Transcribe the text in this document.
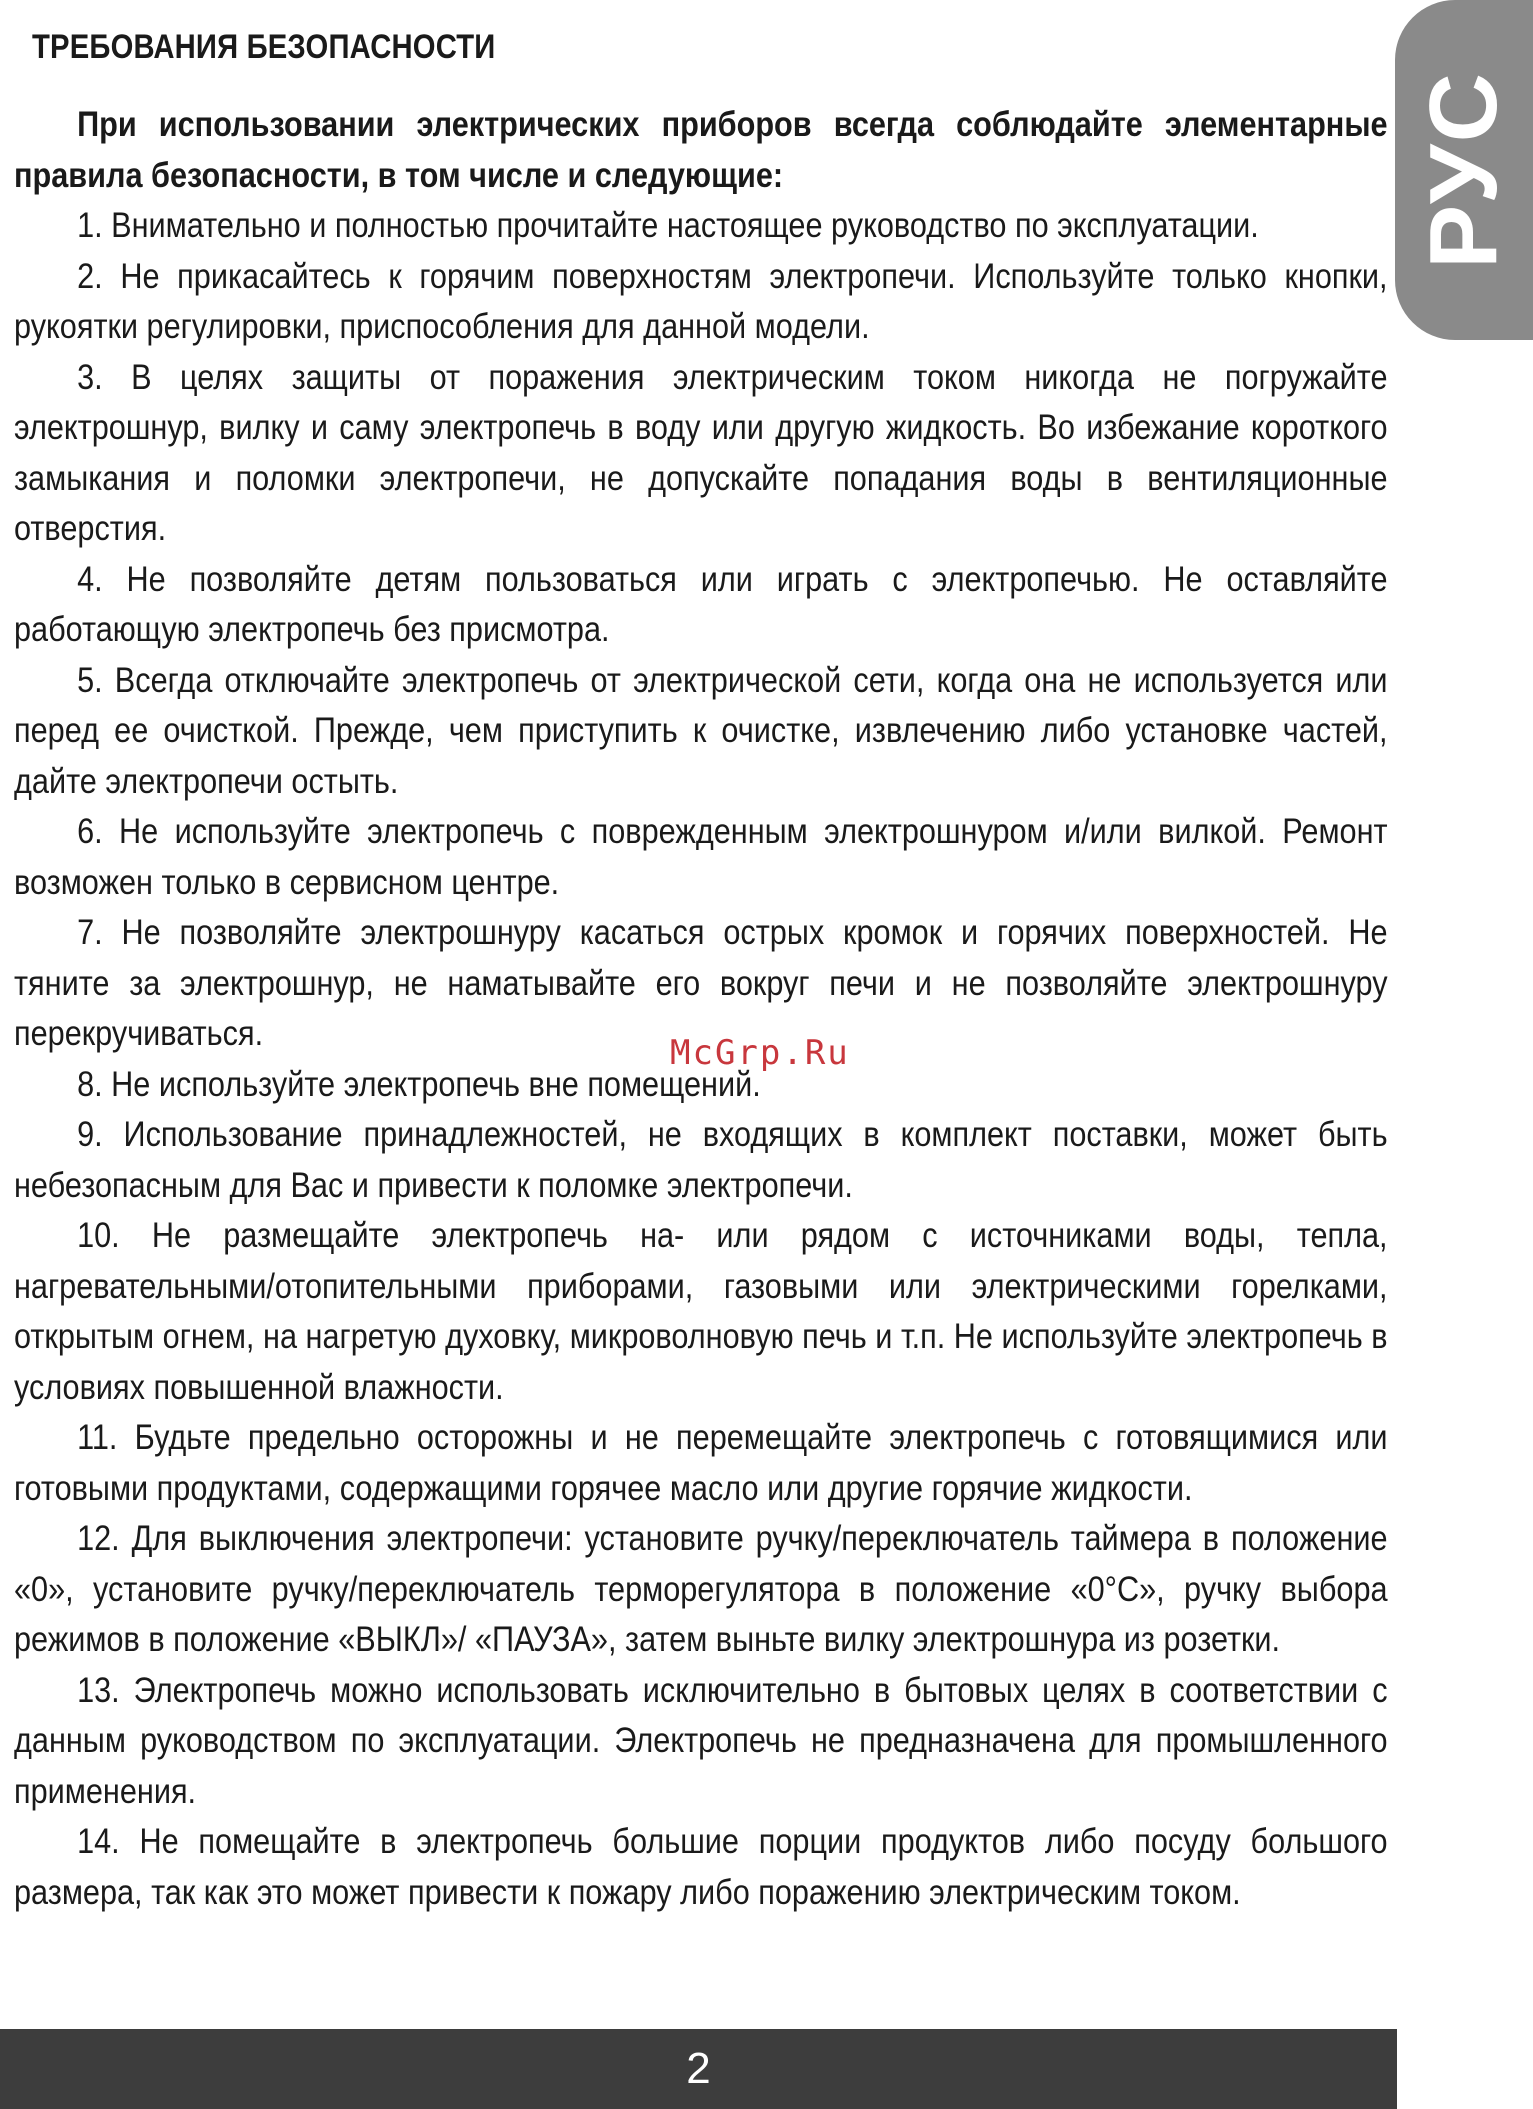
ТРЕБОВАНИЯ БЕЗОПАСНОСТИ
РУС

При использовании электрических приборов всегда соблюдайте элементарные правила безопасности, в том числе и следующие:

1. Внимательно и полностью прочитайте настоящее руководство по эксплуатации.

2. Не прикасайтесь к горячим поверхностям электропечи. Используйте только кнопки, рукоятки регулировки, приспособления для данной модели.

3. В целях защиты от поражения электрическим током никогда не погружайте электрошнур, вилку и саму электропечь в воду или другую жидкость. Во избежание короткого замыкания и поломки электропечи, не допускайте попадания воды в вентиляционные отверстия.

4. Не позволяйте детям пользоваться или играть с электропечью. Не оставляйте работающую электропечь без присмотра.

5. Всегда отключайте электропечь от электрической сети, когда она не используется или перед ее очисткой. Прежде, чем приступить к очистке, извлечению либо установке частей, дайте электропечи остыть.

6. Не используйте электропечь с поврежденным электрошнуром и/или вилкой. Ремонт возможен только в сервисном центре.

7. Не позволяйте электрошнуру касаться острых кромок и горячих поверхностей. Не тяните за электрошнур, не наматывайте его вокруг печи и не позволяйте электрошнуру перекручиваться.

8. Не используйте электропечь вне помещений.

9. Использование принадлежностей, не входящих в комплект поставки, может быть небезопасным для Вас и привести к поломке электропечи.

10. Не размещайте электропечь на- или рядом с источниками воды, тепла, нагревательными/отопительными приборами, газовыми или электрическими горелками, открытым огнем, на нагретую духовку, микроволновую печь и т.п. Не используйте электропечь в условиях повышенной влажности.

11. Будьте предельно осторожны и не перемещайте электропечь с готовящимися или готовыми продуктами, содержащими горячее масло или другие горячие жидкости.

12. Для выключения электропечи: установите ручку/переключатель таймера в положение «0», установите ручку/переключатель терморегулятора в положение «0°С», ручку выбора режимов в положение «ВЫКЛ»/ «ПАУЗА», затем выньте вилку электрошнура из розетки.

13. Электропечь можно использовать исключительно в бытовых целях в соответствии с данным руководством по эксплуатации. Электропечь не предназначена для промышленного применения.

14. Не помещайте в электропечь большие порции продуктов либо посуду большого размера, так как это может привести к пожару либо поражению электрическим током.

McGrp.Ru
2
